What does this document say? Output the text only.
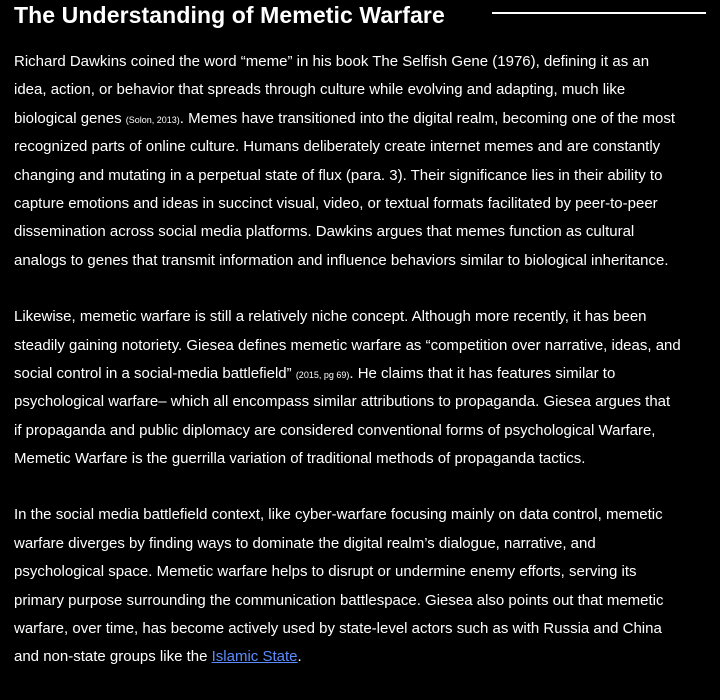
The Understanding of Memetic Warfare

Richard Dawkins coined the word “meme” in his book The Selfish Gene (1976), defining it as an
idea, action, or behavior that spreads through culture while evolving and adapting, much like
biological genes (Solon, 2013). Memes have transitioned into the digital realm, becoming one of the most
recognized parts of online culture. Humans deliberately create internet memes and are constantly
changing and mutating in a perpetual state of flux (para. 3). Their significance lies in their ability to
capture emotions and ideas in succinct visual, video, or textual formats facilitated by peer-to-peer
dissemination across social media platforms. Dawkins argues that memes function as cultural
analogs to genes that transmit information and influence behaviors similar to biological inheritance.

Likewise, memetic warfare is still a relatively niche concept. Although more recently, it has been
steadily gaining notoriety. Giesea defines memetic warfare as “competition over narrative, ideas, and
social control in a social-media battlefield” (2015, pg 69). He claims that it has features similar to
psychological warfare– which all encompass similar attributions to propaganda. Giesea argues that
if propaganda and public diplomacy are considered conventional forms of psychological Warfare,
Memetic Warfare is the guerrilla variation of traditional methods of propaganda tactics.

In the social media battlefield context, like cyber-warfare focusing mainly on data control, memetic
warfare diverges by finding ways to dominate the digital realm’s dialogue, narrative, and
psychological space. Memetic warfare helps to disrupt or undermine enemy efforts, serving its
primary purpose surrounding the communication battlespace. Giesea also points out that memetic
warfare, over time, has become actively used by state-level actors such as with Russia and China
and non-state groups like the Islamic State.
